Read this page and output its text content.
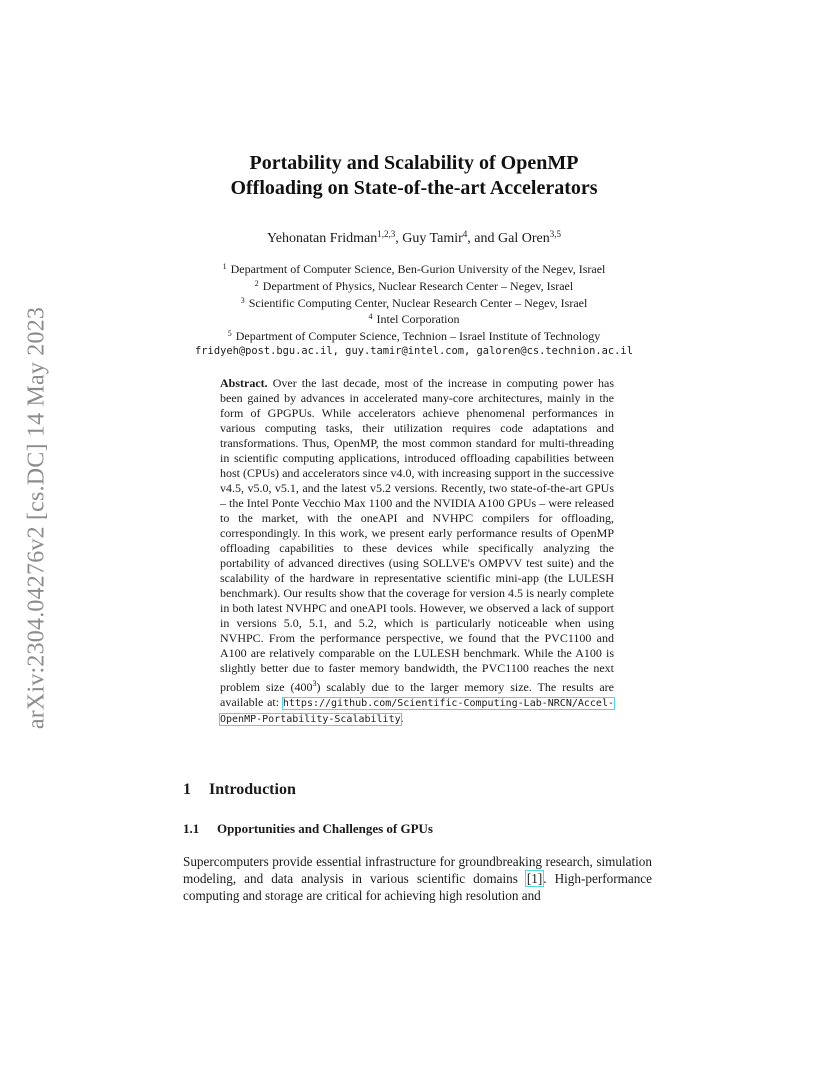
arXiv:2304.04276v2 [cs.DC] 14 May 2023
Portability and Scalability of OpenMP
Offloading on State-of-the-art Accelerators
Yehonatan Fridman$^{1,2,3}$, Guy Tamir$^4$, and Gal Oren$^{3,5}$
$^1$ Department of Computer Science, Ben-Gurion University of the Negev, Israel
$^2$ Department of Physics, Nuclear Research Center – Negev, Israel
$^3$ Scientific Computing Center, Nuclear Research Center – Negev, Israel
$^4$ Intel Corporation
$^5$ Department of Computer Science, Technion – Israel Institute of Technology
fridyeh@post.bgu.ac.il, guy.tamir@intel.com, galoren@cs.technion.ac.il
Abstract. Over the last decade, most of the increase in computing power has been gained by advances in accelerated many-core architectures, mainly in the form of GPGPUs. While accelerators achieve phenomenal performances in various computing tasks, their utilization requires code adaptations and transformations. Thus, OpenMP, the most common standard for multi-threading in scientific computing applications, introduced offloading capabilities between host (CPUs) and accelerators since v4.0, with increasing support in the successive v4.5, v5.0, v5.1, and the latest v5.2 versions. Recently, two state-of-the-art GPUs – the Intel Ponte Vecchio Max 1100 and the NVIDIA A100 GPUs – were released to the market, with the oneAPI and NVHPC compilers for offloading, correspondingly. In this work, we present early performance results of OpenMP offloading capabilities to these devices while specifically analyzing the portability of advanced directives (using SOLLVE's OMPVV test suite) and the scalability of the hardware in representative scientific mini-app (the LULESH benchmark). Our results show that the coverage for version 4.5 is nearly complete in both latest NVHPC and oneAPI tools. However, we observed a lack of support in versions 5.0, 5.1, and 5.2, which is particularly noticeable when using NVHPC. From the performance perspective, we found that the PVC1100 and A100 are relatively comparable on the LULESH benchmark. While the A100 is slightly better due to faster memory bandwidth, the PVC1100 reaches the next problem size $(400^3)$ scalably due to the larger memory size. The results are available at: https://github.com/Scientific-Computing-Lab-NRCN/Accel-OpenMP-Portability-Scalability.
1 Introduction
1.1 Opportunities and Challenges of GPUs
Supercomputers provide essential infrastructure for groundbreaking research, simulation modeling, and data analysis in various scientific domains [1]. High-performance computing and storage are critical for achieving high resolution and
